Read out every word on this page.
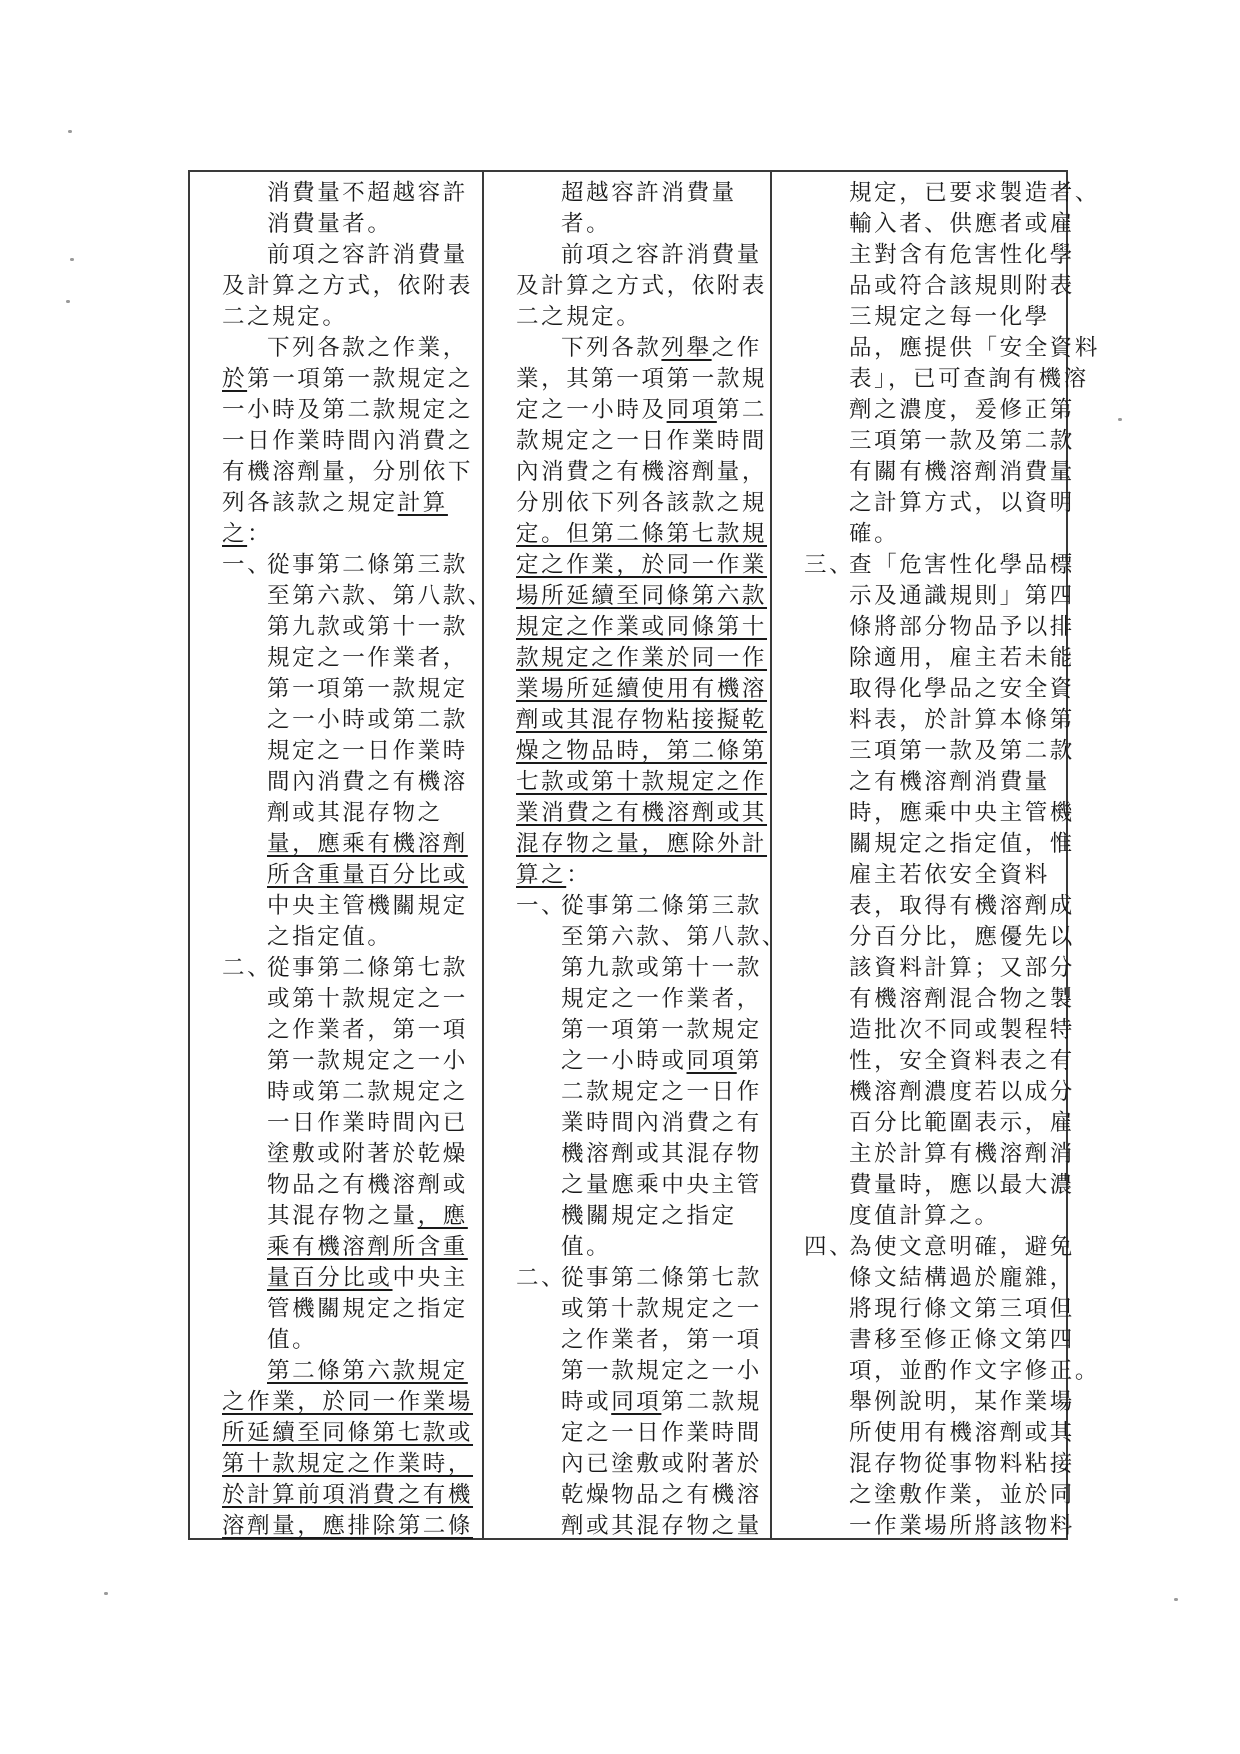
消費量不超越容許
消費量者。
前項之容許消費量
及計算之方式，依附表
二之規定。
下列各款之作業，
於第一項第一款規定之
一小時及第二款規定之
一日作業時間內消費之
有機溶劑量，分別依下
列各該款之規定計算
之：
一、
從事第二條第三款
至第六款、第八款、
第九款或第十一款
規定之一作業者，
第一項第一款規定
之一小時或第二款
規定之一日作業時
間內消費之有機溶
劑或其混存物之
量，應乘有機溶劑
所含重量百分比或
中央主管機關規定
之指定值。
二、
從事第二條第七款
或第十款規定之一
之作業者，第一項
第一款規定之一小
時或第二款規定之
一日作業時間內已
塗敷或附著於乾燥
物品之有機溶劑或
其混存物之量，應
乘有機溶劑所含重
量百分比或中央主
管機關規定之指定
值。
第二條第六款規定
之作業，於同一作業場
所延續至同條第七款或
第十款規定之作業時，
於計算前項消費之有機
溶劑量，應排除第二條
超越容許消費量
者。
前項之容許消費量
及計算之方式，依附表
二之規定。
下列各款列舉之作
業，其第一項第一款規
定之一小時及同項第二
款規定之一日作業時間
內消費之有機溶劑量，
分別依下列各該款之規
定。但第二條第七款規
定之作業，於同一作業
場所延續至同條第六款
規定之作業或同條第十
款規定之作業於同一作
業場所延續使用有機溶
劑或其混存物粘接擬乾
燥之物品時，第二條第
七款或第十款規定之作
業消費之有機溶劑或其
混存物之量，應除外計
算之：
一、
從事第二條第三款
至第六款、第八款、
第九款或第十一款
規定之一作業者，
第一項第一款規定
之一小時或同項第
二款規定之一日作
業時間內消費之有
機溶劑或其混存物
之量應乘中央主管
機關規定之指定
值。
二、
從事第二條第七款
或第十款規定之一
之作業者，第一項
第一款規定之一小
時或同項第二款規
定之一日作業時間
內已塗敷或附著於
乾燥物品之有機溶
劑或其混存物之量
規定，已要求製造者、
輸入者、供應者或雇
主對含有危害性化學
品或符合該規則附表
三規定之每一化學
品，應提供「安全資料
表」，已可查詢有機溶
劑之濃度，爰修正第
三項第一款及第二款
有關有機溶劑消費量
之計算方式，以資明
確。
三、
查「危害性化學品標
示及通識規則」第四
條將部分物品予以排
除適用，雇主若未能
取得化學品之安全資
料表，於計算本條第
三項第一款及第二款
之有機溶劑消費量
時，應乘中央主管機
關規定之指定值，惟
雇主若依安全資料
表，取得有機溶劑成
分百分比，應優先以
該資料計算；又部分
有機溶劑混合物之製
造批次不同或製程特
性，安全資料表之有
機溶劑濃度若以成分
百分比範圍表示，雇
主於計算有機溶劑消
費量時，應以最大濃
度值計算之。
四、
為使文意明確，避免
條文結構過於龐雜，
將現行條文第三項但
書移至修正條文第四
項，並酌作文字修正。
舉例說明，某作業場
所使用有機溶劑或其
混存物從事物料粘接
之塗敷作業，並於同
一作業場所將該物料
